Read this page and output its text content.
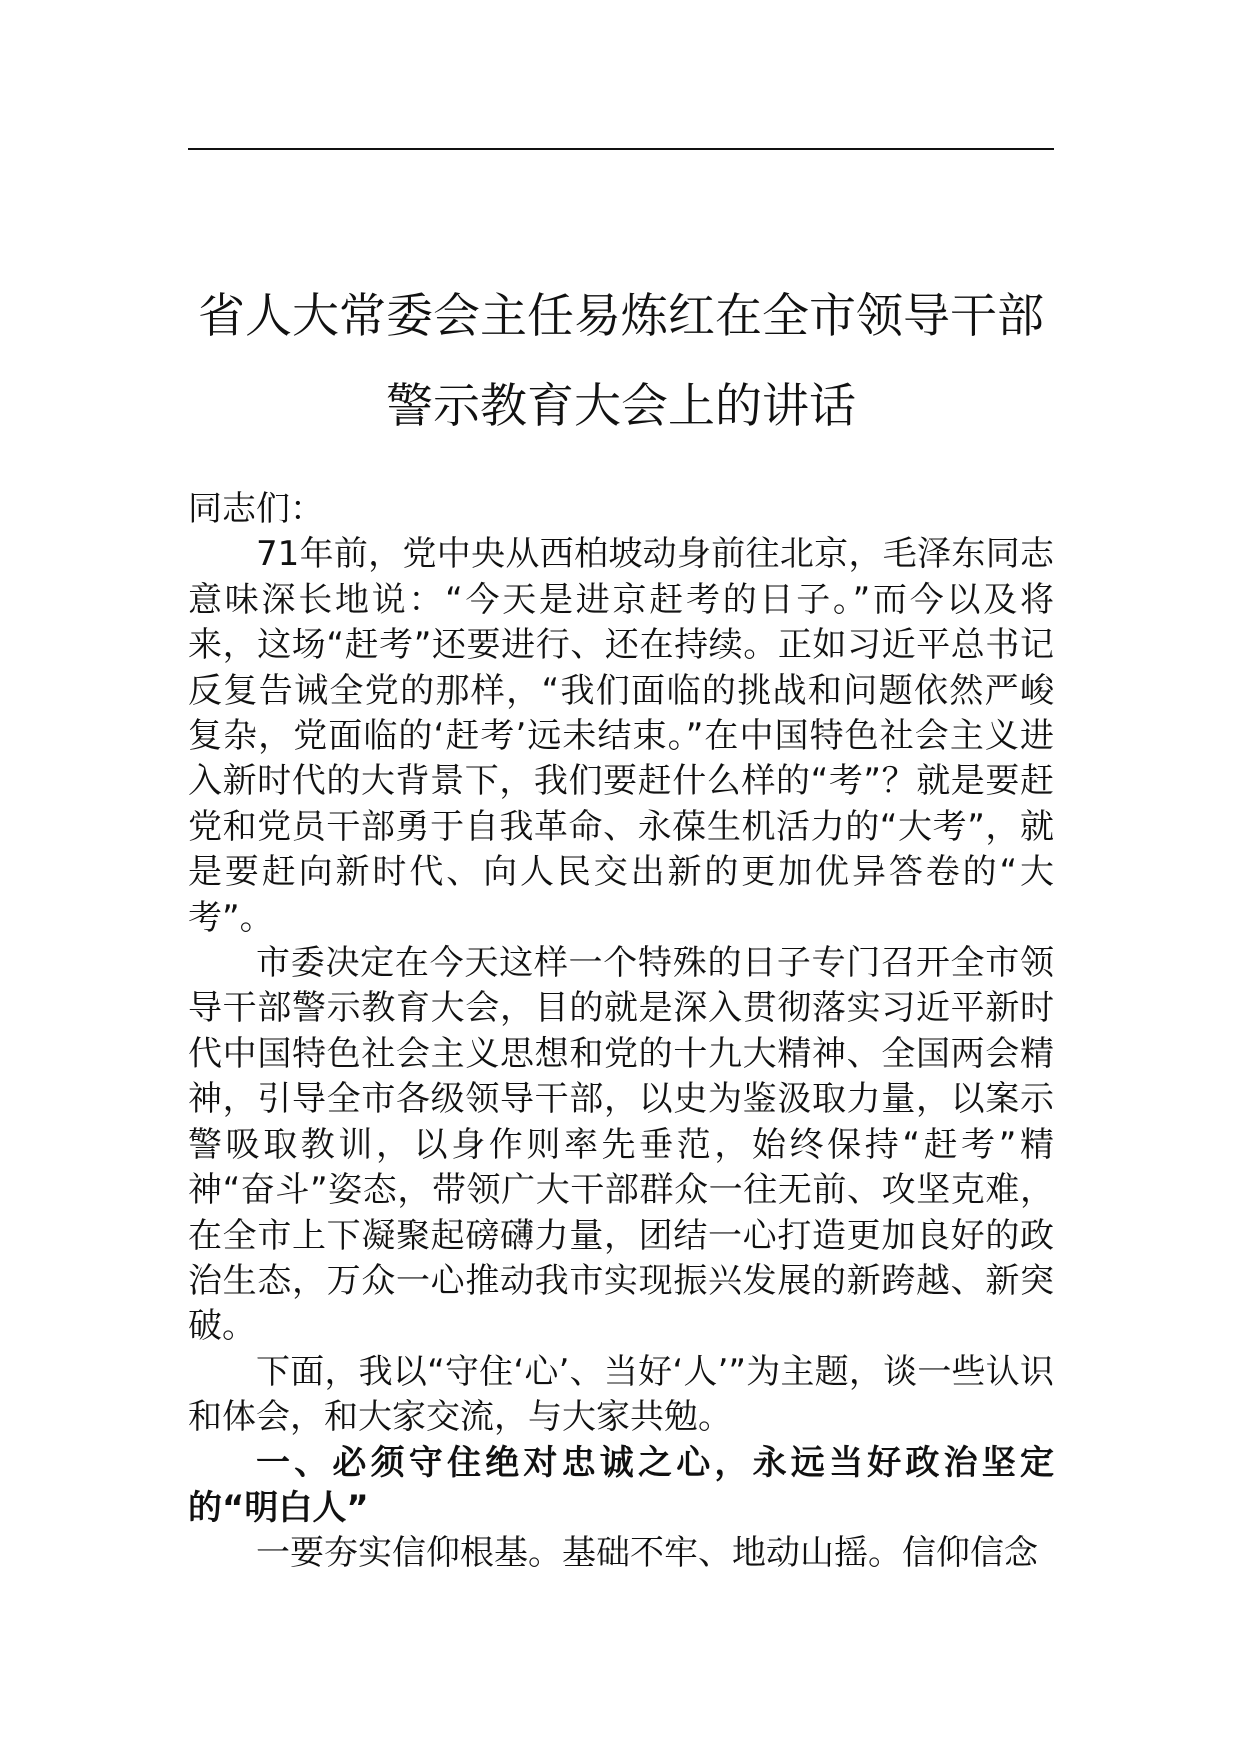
省人大常委会主任易炼红在全市领导干部
警示教育大会上的讲话

同志们：

71年前，党中央从西柏坡动身前往北京，毛泽东同志意味深长地说：“今天是进京赶考的日子。”而今以及将来，这场“赶考”还要进行、还在持续。正如习近平总书记反复告诫全党的那样，“我们面临的挑战和问题依然严峻复杂，党面临的‘赶考’远未结束。”在中国特色社会主义进入新时代的大背景下，我们要赶什么样的“考”？就是要赶党和党员干部勇于自我革命、永葆生机活力的“大考”，就是要赶向新时代、向人民交出新的更加优异答卷的“大考”。

市委决定在今天这样一个特殊的日子专门召开全市领导干部警示教育大会，目的就是深入贯彻落实习近平新时代中国特色社会主义思想和党的十九大精神、全国两会精神，引导全市各级领导干部，以史为鉴汲取力量，以案示警吸取教训，以身作则率先垂范，始终保持“赶考”精神“奋斗”姿态，带领广大干部群众一往无前、攻坚克难，在全市上下凝聚起磅礴力量，团结一心打造更加良好的政治生态，万众一心推动我市实现振兴发展的新跨越、新突破。

下面，我以“守住‘心’、当好‘人’”为主题，谈一些认识和体会，和大家交流，与大家共勉。

一、必须守住绝对忠诚之心，永远当好政治坚定的“明白人”

一要夯实信仰根基。基础不牢、地动山摇。信仰信念
